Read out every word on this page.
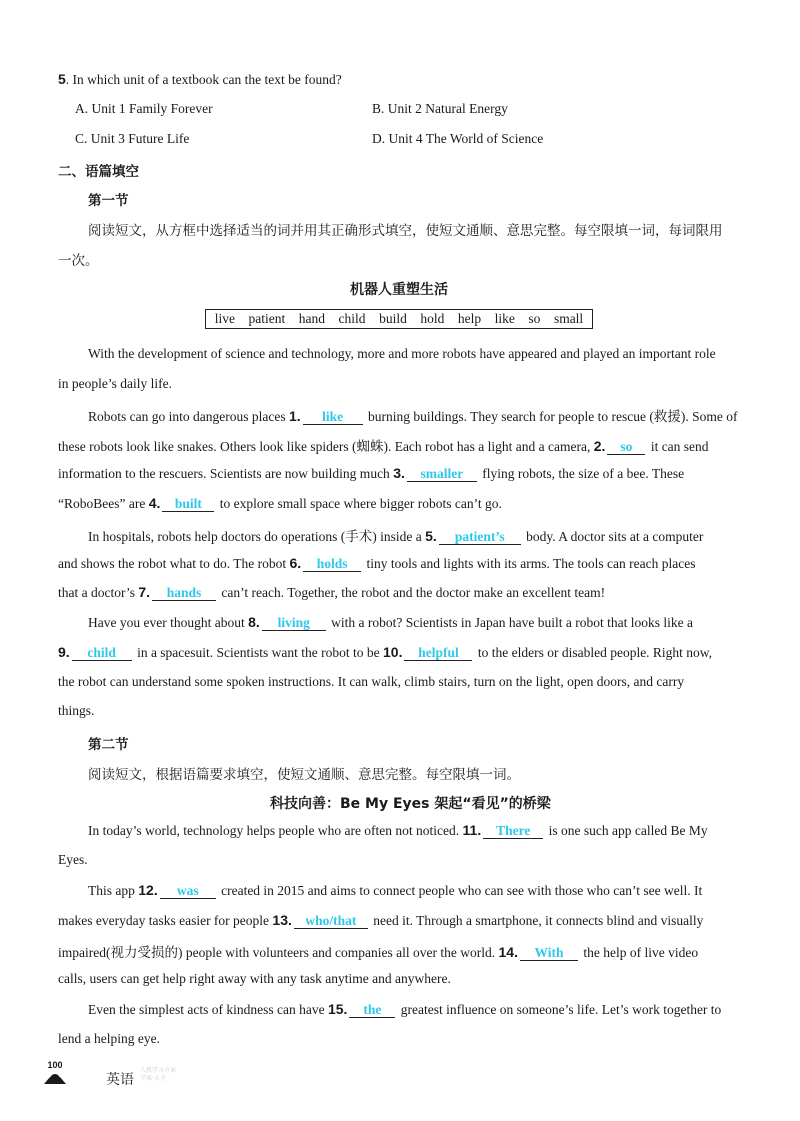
5. In which unit of a textbook can the text be found?
A. Unit 1 Family Forever	B. Unit 2 Natural Energy
C. Unit 3 Future Life	D. Unit 4 The World of Science
二、语篇填空
第一节
阅读短文，从方框中选择适当的词并用其正确形式填空，使短文通顺、意思完整。每空限填一词，每词限用
一次。
机器人重塑生活
live patient hand child build hold help like so small
With the development of science and technology, more and more robots have appeared and played an important role
in people’s daily life.
Robots can go into dangerous places 1. like burning buildings. They search for people to rescue (救援). Some of
these robots look like snakes. Others look like spiders (蜘蛛). Each robot has a light and a camera, 2. so it can send
information to the rescuers. Scientists are now building much 3. smaller flying robots, the size of a bee. These
“RoboBees” are 4. built to explore small space where bigger robots can’t go.
In hospitals, robots help doctors do operations (手术) inside a 5. patient’s body. A doctor sits at a computer
and shows the robot what to do. The robot 6. holds tiny tools and lights with its arms. The tools can reach places
that a doctor’s 7. hands can’t reach. Together, the robot and the doctor make an excellent team!
Have you ever thought about 8. living with a robot? Scientists in Japan have built a robot that looks like a
9. child in a spacesuit. Scientists want the robot to be 10. helpful to the elders or disabled people. Right now,
the robot can understand some spoken instructions. It can walk, climb stairs, turn on the light, open doors, and carry
things.
第二节
阅读短文，根据语篇要求填空，使短文通顺、意思完整。每空限填一词。
科技向善：Be My Eyes 架起“看见”的桥梁
In today’s world, technology helps people who are often not noticed. 11. There is one such app called Be My
Eyes.
This app 12. was created in 2015 and aims to connect people who can see with those who can’t see well. It
makes everyday tasks easier for people 13. who/that need it. Through a smartphone, it connects blind and visually
impaired(视力受损的) people with volunteers and companies all over the world. 14. With the help of live video
calls, users can get help right away with any task anytime and anywhere.
Even the simplest acts of kindness can have 15. the greatest influence on someone’s life. Let’s work together to
lend a helping eye.
100
英语
人教学习方案
学案·大全
